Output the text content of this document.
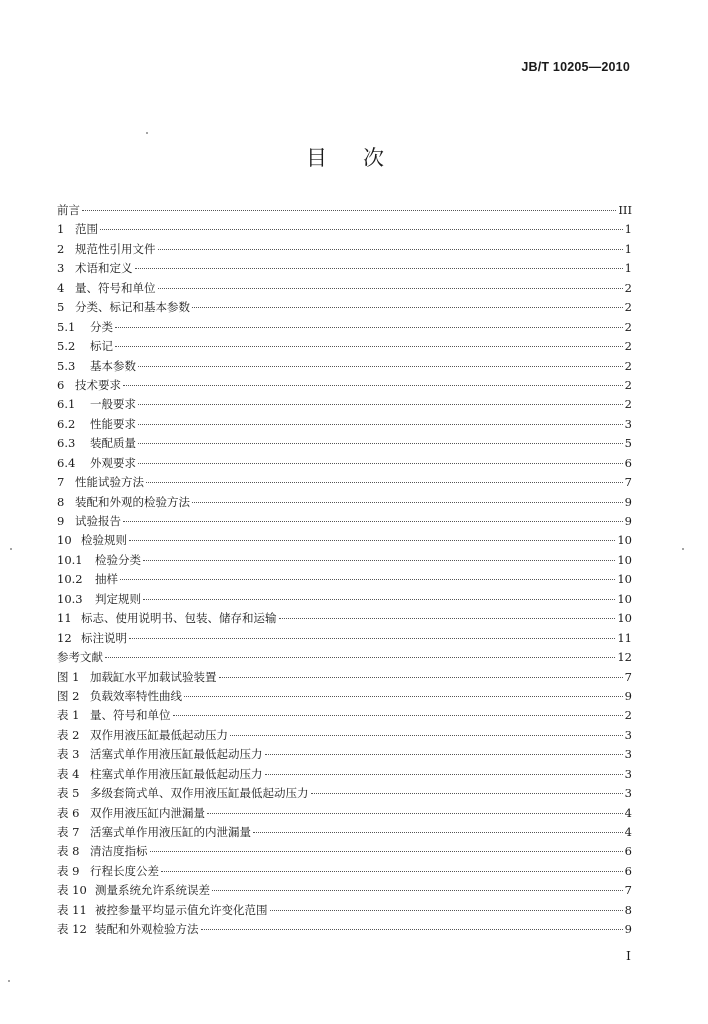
JB/T 10205—2010
目次
前言	III
1 范围	1
2 规范性引用文件	1
3 术语和定义	1
4 量、符号和单位	2
5 分类、标记和基本参数	2
5.1	分类	2
5.2	标记	2
5.3	基本参数	2
6 技术要求	2
6.1	一般要求	2
6.2	性能要求	3
6.3	装配质量	5
6.4	外观要求	6
7 性能试验方法	7
8 装配和外观的检验方法	9
9 试验报告	9
10 检验规则	10
10.1	检验分类	10
10.2	抽样	10
10.3	判定规则	10
11 标志、使用说明书、包装、储存和运输	10
12 标注说明	11
参考文献	12
图 1 加载缸水平加载试验装置	7
图 2 负载效率特性曲线	9
表 1 量、符号和单位	2
表 2 双作用液压缸最低起动压力	3
表 3 活塞式单作用液压缸最低起动压力	3
表 4 柱塞式单作用液压缸最低起动压力	3
表 5 多级套筒式单、双作用液压缸最低起动压力	3
表 6 双作用液压缸内泄漏量	4
表 7 活塞式单作用液压缸的内泄漏量	4
表 8 清洁度指标	6
表 9 行程长度公差	6
表 10 测量系统允许系统误差	7
表 11 被控参量平均显示值允许变化范围	8
表 12 装配和外观检验方法	9
I
